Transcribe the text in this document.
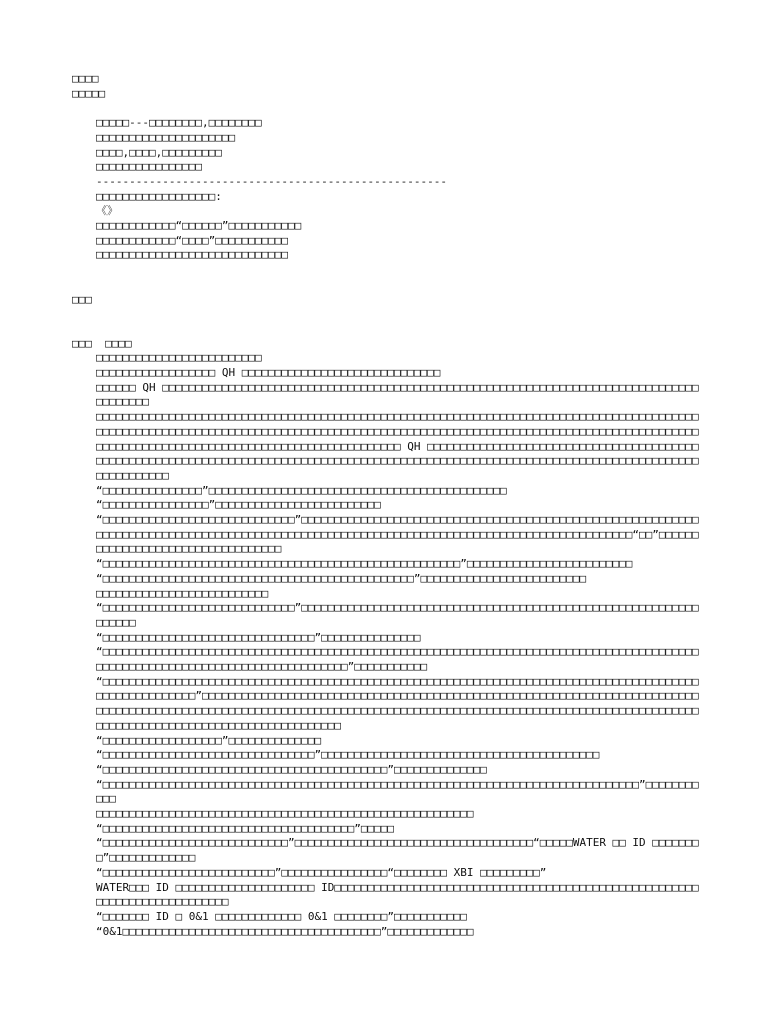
□□□□
□□□□□
□□□□□---□□□□□□□□,□□□□□□□□
□□□□□□□□□□□□□□□□□□□□□
□□□□,□□□□,□□□□□□□□□
□□□□□□□□□□□□□□□□
-----------------------------------------------------
□□□□□□□□□□□□□□□□□□:
《》
□□□□□□□□□□□□“□□□□□□”□□□□□□□□□□□
□□□□□□□□□□□□“□□□□”□□□□□□□□□□□
□□□□□□□□□□□□□□□□□□□□□□□□□□□□□
□□□
□□□  □□□□
□□□□□□□□□□□□□□□□□□□□□□□□□
□□□□□□□□□□□□□□□□□□ QH □□□□□□□□□□□□□□□□□□□□□□□□□□□□□□
□□□□□□ QH □□□□□□□□□□□□□□□□□□□□□□□□□□□□□□□□□□□□□□□□□□□□□□□□□□□□□□□□□□□□□□□□□□□□□□□□□□□□□□□□□□□□□□□□□
□□□□□□□□□□□□□□□□□□□□□□□□□□□□□□□□□□□□□□□□□□□□□□□□□□□□□□□□□□□□□□□□□□□□□□□□□□□□□□□□□□□□□□□□□□□□□□□□□□□□□□□□□□□□□□□□□□□□□□□□□□□□□□□□□□□□□□□□□□□□□□□□□□□□□□□□□□□□□□□□□□□□□□□□□□□□□□□□□□□□□□□□□□□□□□□□□□□□□□□□□□□□□□□□□□□□□□□□□□□□□□□□□□□□ QH □□□□□□□□□□□□□□□□□□□□□□□□□□□□□□□□□□□□□□□□□□□□□□□□□□□□□□□□□□□□□□□□□□□□□□□□□□□□□□□□□□□□□□□□□□□□□□□□□□□□□□□□□□□□□□□□□□□□□□□□□□□□□□□□□□□□□□□□□□□□□□□
“□□□□□□□□□□□□□□□”□□□□□□□□□□□□□□□□□□□□□□□□□□□□□□□□□□□□□□□□□□□□□
“□□□□□□□□□□□□□□□□”□□□□□□□□□□□□□□□□□□□□□□□□□
“□□□□□□□□□□□□□□□□□□□□□□□□□□□□□”□□□□□□□□□□□□□□□□□□□□□□□□□□□□□□□□□□□□□□□□□□□□□□□□□□□□□□□□□□□□□□□□□□□□□□□□□□□□□□□□□□□□□□□□□□□□□□□□□□□□□□□□□□□□□□□□□□□□□□□□□□□□□□□□□□□□□□□□□□□□□“□□”□□□□□□□□□□□□□□□□□□□□□□□□□□□□□□□□□□
“□□□□□□□□□□□□□□□□□□□□□□□□□□□□□□□□□□□□□□□□□□□□□□□□□□□□□□”□□□□□□□□□□□□□□□□□□□□□□□□□
“□□□□□□□□□□□□□□□□□□□□□□□□□□□□□□□□□□□□□□□□□□□□□□□”□□□□□□□□□□□□□□□□□□□□□□□□□
□□□□□□□□□□□□□□□□□□□□□□□□□□
“□□□□□□□□□□□□□□□□□□□□□□□□□□□□□”□□□□□□□□□□□□□□□□□□□□□□□□□□□□□□□□□□□□□□□□□□□□□□□□□□□□□□□□□□□□□□□□□□
“□□□□□□□□□□□□□□□□□□□□□□□□□□□□□□□□”□□□□□□□□□□□□□□□
“□□□□□□□□□□□□□□□□□□□□□□□□□□□□□□□□□□□□□□□□□□□□□□□□□□□□□□□□□□□□□□□□□□□□□□□□□□□□□□□□□□□□□□□□□□□□□□□□□□□□□□□□□□□□□□□□□□□□□□□□□□□□□□□□”□□□□□□□□□□□
“□□□□□□□□□□□□□□□□□□□□□□□□□□□□□□□□□□□□□□□□□□□□□□□□□□□□□□□□□□□□□□□□□□□□□□□□□□□□□□□□□□□□□□□□□□□□□□□□□□□□□□□□□”□□□□□□□□□□□□□□□□□□□□□□□□□□□□□□□□□□□□□□□□□□□□□□□□□□□□□□□□□□□□□□□□□□□□□□□□□□□□□□□□□□□□□□□□□□□□□□□□□□□□□□□□□□□□□□□□□□□□□□□□□□□□□□□□□□□□□□□□□□□□□□□□□□□□□□□□□□□□□□□□□□□□□□□□□□□□□□□□□□□□□□□□□□□□□□□□□□□□□□□□□□□
“□□□□□□□□□□□□□□□□□□”□□□□□□□□□□□□□□
“□□□□□□□□□□□□□□□□□□□□□□□□□□□□□□□□”□□□□□□□□□□□□□□□□□□□□□□□□□□□□□□□□□□□□□□□□□□
“□□□□□□□□□□□□□□□□□□□□□□□□□□□□□□□□□□□□□□□□□□□”□□□□□□□□□□□□□□
“□□□□□□□□□□□□□□□□□□□□□□□□□□□□□□□□□□□□□□□□□□□□□□□□□□□□□□□□□□□□□□□□□□□□□□□□□□□□□□□□□”□□□□□□□□□□□
□□□□□□□□□□□□□□□□□□□□□□□□□□□□□□□□□□□□□□□□□□□□□□□□□□□□□□□□□
“□□□□□□□□□□□□□□□□□□□□□□□□□□□□□□□□□□□□□□”□□□□□
“□□□□□□□□□□□□□□□□□□□□□□□□□□□□”□□□□□□□□□□□□□□□□□□□□□□□□□□□□□□□□□□□□“□□□□□WATER □□ ID □□□□□□□□”□□□□□□□□□□□□□
“□□□□□□□□□□□□□□□□□□□□□□□□□□”□□□□□□□□□□□□□□□□“□□□□□□□□ XBI □□□□□□□□□”
WATER□□□ ID □□□□□□□□□□□□□□□□□□□□□ ID□□□□□□□□□□□□□□□□□□□□□□□□□□□□□□□□□□□□□□□□□□□□□□□□□□□□□□□□□□□□□□□□□□□□□□□□□□□
“□□□□□□□ ID □ 0&1 □□□□□□□□□□□□□ 0&1 □□□□□□□□”□□□□□□□□□□□
“0&1□□□□□□□□□□□□□□□□□□□□□□□□□□□□□□□□□□□□□□□”□□□□□□□□□□□□□
